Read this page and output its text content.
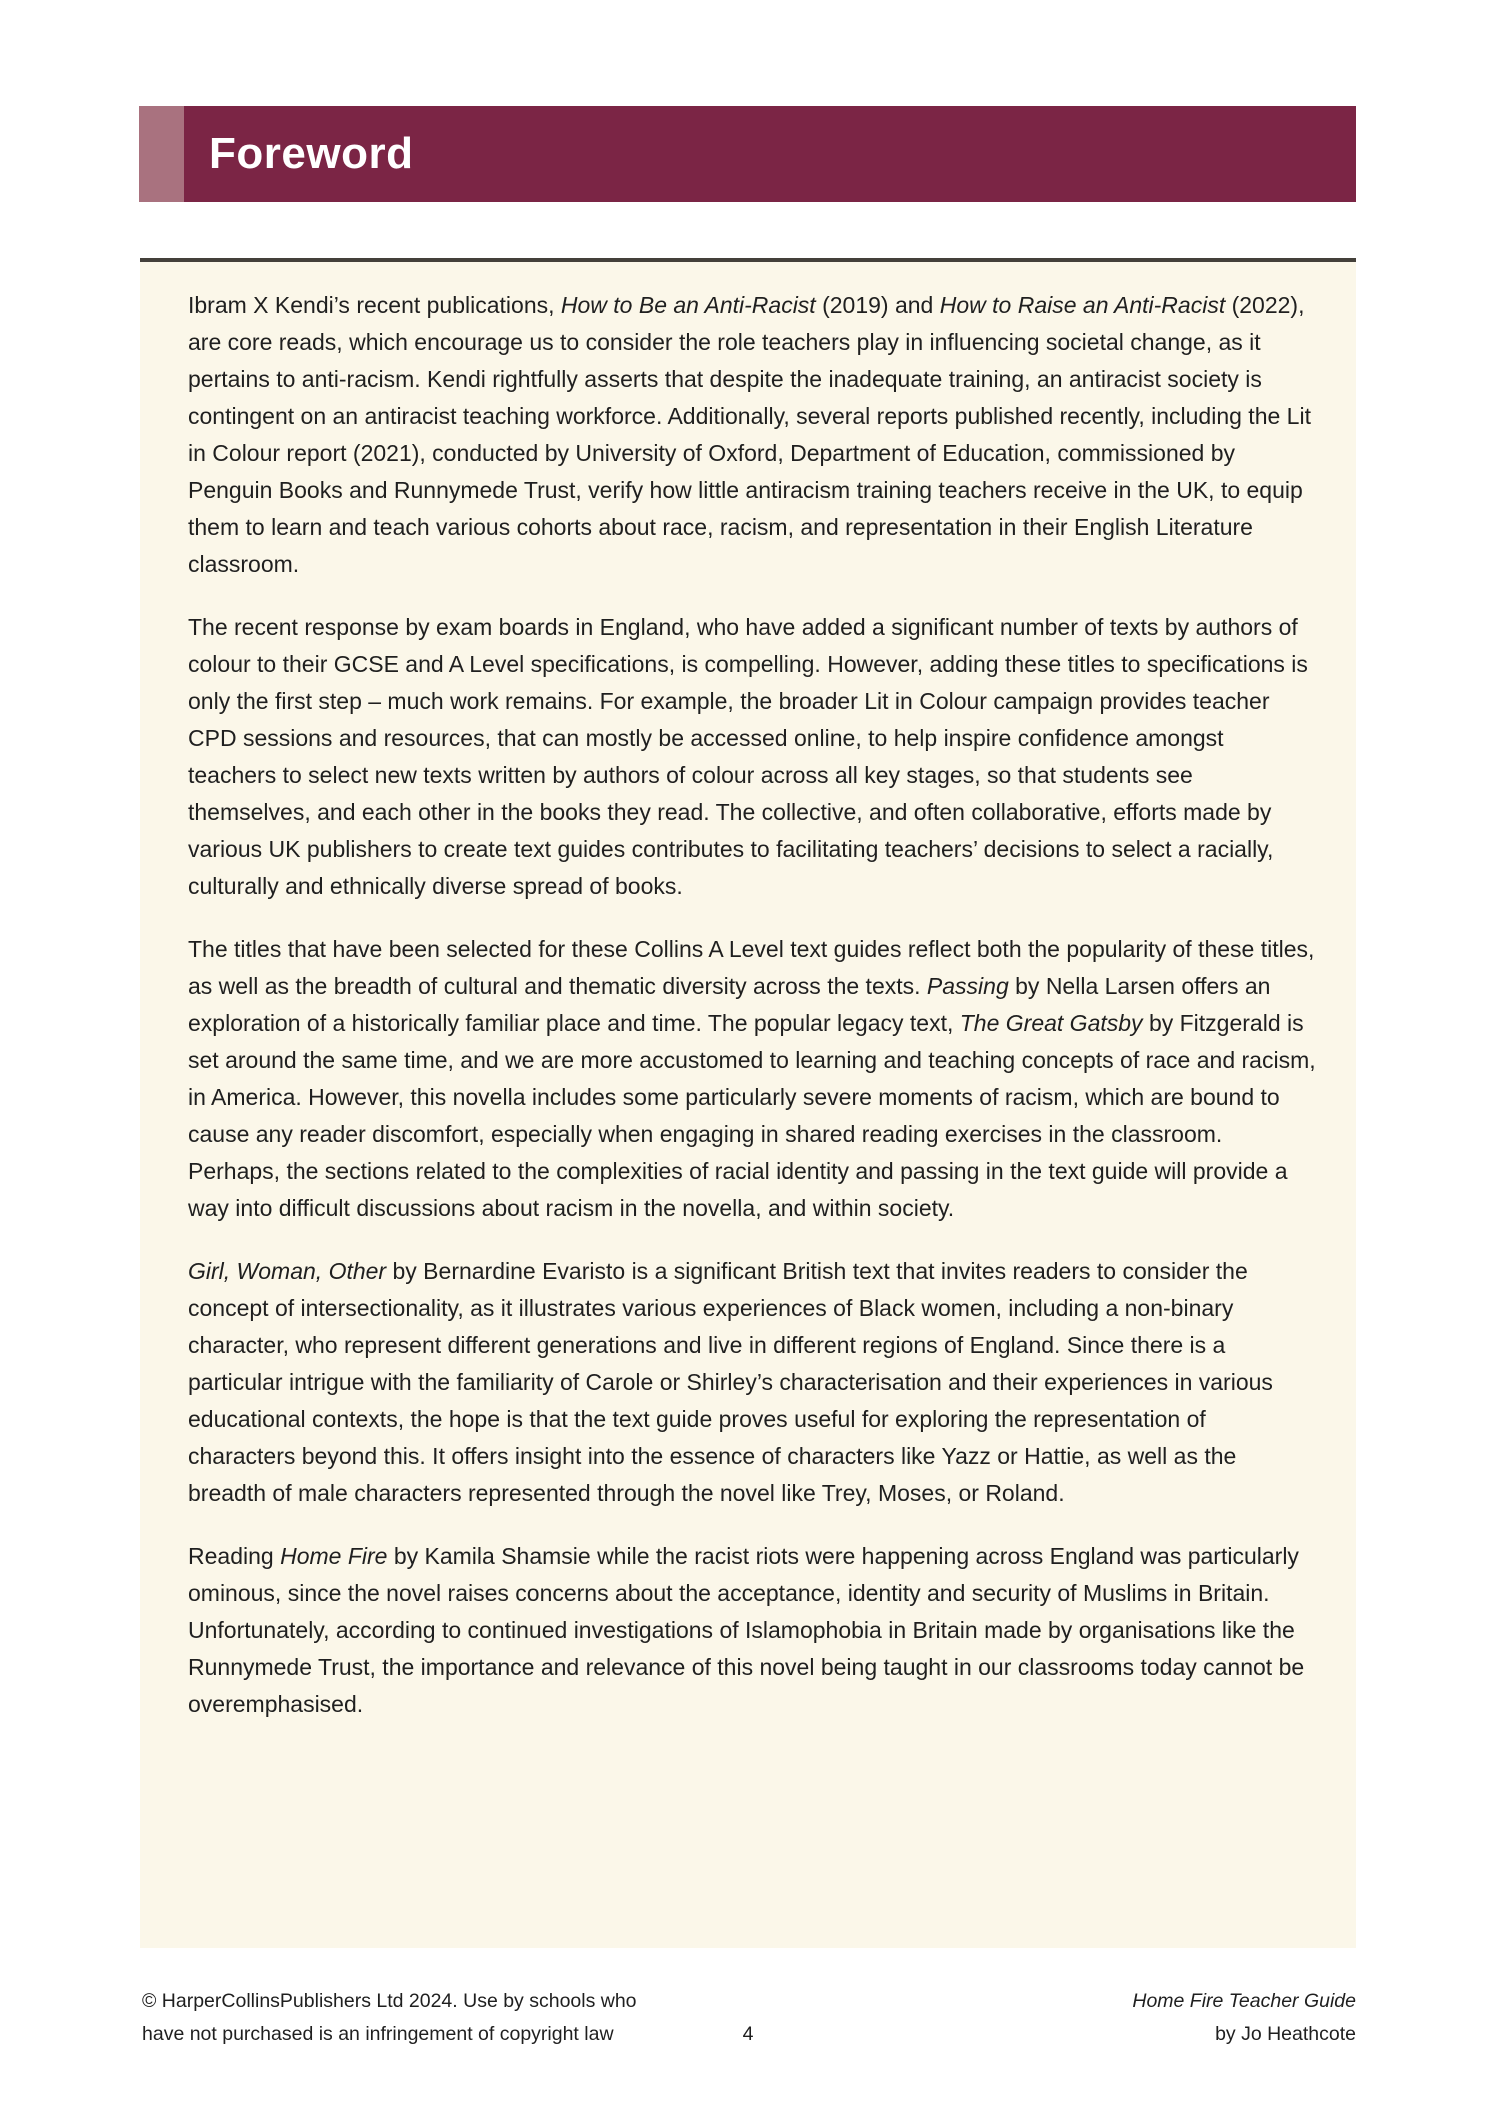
Foreword

Ibram X Kendi’s recent publications, How to Be an Anti-Racist (2019) and How to Raise an Anti-Racist (2022), are core reads, which encourage us to consider the role teachers play in influencing societal change, as it pertains to anti-racism. Kendi rightfully asserts that despite the inadequate training, an antiracist society is contingent on an antiracist teaching workforce. Additionally, several reports published recently, including the Lit in Colour report (2021), conducted by University of Oxford, Department of Education, commissioned by Penguin Books and Runnymede Trust, verify how little antiracism training teachers receive in the UK, to equip them to learn and teach various cohorts about race, racism, and representation in their English Literature classroom.

The recent response by exam boards in England, who have added a significant number of texts by authors of colour to their GCSE and A Level specifications, is compelling. However, adding these titles to specifications is only the first step – much work remains. For example, the broader Lit in Colour campaign provides teacher CPD sessions and resources, that can mostly be accessed online, to help inspire confidence amongst teachers to select new texts written by authors of colour across all key stages, so that students see themselves, and each other in the books they read. The collective, and often collaborative, efforts made by various UK publishers to create text guides contributes to facilitating teachers’ decisions to select a racially, culturally and ethnically diverse spread of books.

The titles that have been selected for these Collins A Level text guides reflect both the popularity of these titles, as well as the breadth of cultural and thematic diversity across the texts. Passing by Nella Larsen offers an exploration of a historically familiar place and time. The popular legacy text, The Great Gatsby by Fitzgerald is set around the same time, and we are more accustomed to learning and teaching concepts of race and racism, in America. However, this novella includes some particularly severe moments of racism, which are bound to cause any reader discomfort, especially when engaging in shared reading exercises in the classroom. Perhaps, the sections related to the complexities of racial identity and passing in the text guide will provide a way into difficult discussions about racism in the novella, and within society.

Girl, Woman, Other by Bernardine Evaristo is a significant British text that invites readers to consider the concept of intersectionality, as it illustrates various experiences of Black women, including a non-binary character, who represent different generations and live in different regions of England. Since there is a particular intrigue with the familiarity of Carole or Shirley’s characterisation and their experiences in various educational contexts, the hope is that the text guide proves useful for exploring the representation of characters beyond this. It offers insight into the essence of characters like Yazz or Hattie, as well as the breadth of male characters represented through the novel like Trey, Moses, or Roland.

Reading Home Fire by Kamila Shamsie while the racist riots were happening across England was particularly ominous, since the novel raises concerns about the acceptance, identity and security of Muslims in Britain. Unfortunately, according to continued investigations of Islamophobia in Britain made by organisations like the Runnymede Trust, the importance and relevance of this novel being taught in our classrooms today cannot be overemphasised.

© HarperCollinsPublishers Ltd 2024. Use by schools who
have not purchased is an infringement of copyright law	4
Home Fire Teacher Guide
by Jo Heathcote
